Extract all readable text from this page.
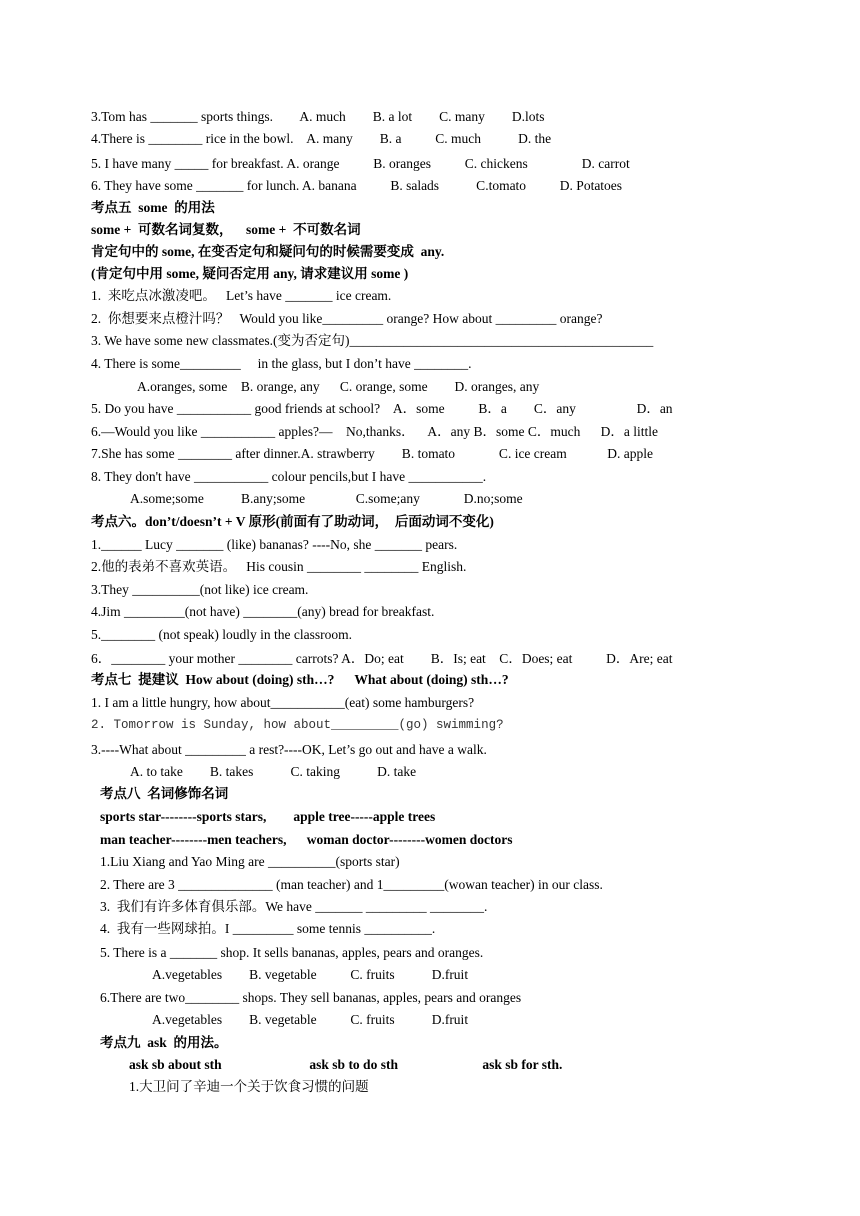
3.Tom has _______ sports things.        A. much        B. a lot        C. many        D.lots
4.There is ________ rice in the bowl.    A. many        B. a          C. much           D. the
5. I have many _____ for breakfast. A. orange          B. oranges          C. chickens                D. carrot
6. They have some _______ for lunch. A. banana          B. salads           C.tomato          D. Potatoes
考点五  some  的用法
some +  可数名词复数，    some +  不可数名词
肯定句中的 some, 在变否定句和疑问句的时候需要变成  any.
(肯定句中用 some, 疑问否定用 any, 请求建议用 some )
1.  来吃点冰激凌吧。   Let’s have _______ ice cream.
2.  你想要来点橙汁吗？   Would you like_________ orange? How about _________ orange?
3. We have some new classmates.(变为否定句)_____________________________________________
4. There is some_________     in the glass, but I don’t have ________.
A.oranges, some    B. orange, any      C. orange, some        D. oranges, any
5. Do you have ___________ good friends at school?    A．some          B．a        C．any                  D．an
6.—Would you like ___________ apples?—    No,thanks．    A．any B．some C．much      D．a little
7.She has some ________ after dinner.A. strawberry        B. tomato             C. ice cream            D. apple
8. They don't have ___________ colour pencils,but I have ___________.
A.some;some           B.any;some               C.some;any             D.no;some
考点六。don’t/doesn’t + V 原形(前面有了助动词，  后面动词不变化)
1.______ Lucy _______ (like) bananas? ----No, she _______ pears.
2.他的表弟不喜欢英语。   His cousin ________ ________ English.
3.They __________(not like) ice cream.
4.Jim _________(not have) ________(any) bread for breakfast.
5.________ (not speak) loudly in the classroom.
6．________ your mother ________ carrots? A．Do; eat        B．Is; eat    C．Does; eat          D．Are; eat
考点七  提建议  How about (doing) sth…?      What about (doing) sth…?
1. I am a little hungry, how about___________(eat) some hamburgers?
2. Tomorrow is Sunday, how about_________(go) swimming?
3.----What about _________ a rest?----OK, Let’s go out and have a walk.
A. to take        B. takes           C. taking           D. take
考点八  名词修饰名词
sports star--------sports stars,        apple tree-----apple trees
man teacher--------men teachers,      woman doctor--------women doctors
1.Liu Xiang and Yao Ming are __________(sports star)
2. There are 3 ______________ (man teacher) and 1_________(wowan teacher) in our class.
3.  我们有许多体育俱乐部。We have _______ _________ ________.
4.  我有一些网球拍。I _________ some tennis __________.
5. There is a _______ shop. It sells bananas, apples, pears and oranges.
A.vegetables        B. vegetable          C. fruits           D.fruit
6.There are two________ shops. They sell bananas, apples, pears and oranges
A.vegetables        B. vegetable          C. fruits           D.fruit
考点九  ask  的用法。
ask sb about sth                          ask sb to do sth                         ask sb for sth.
1.大卫问了辛迪一个关于饮食习惯的问题
